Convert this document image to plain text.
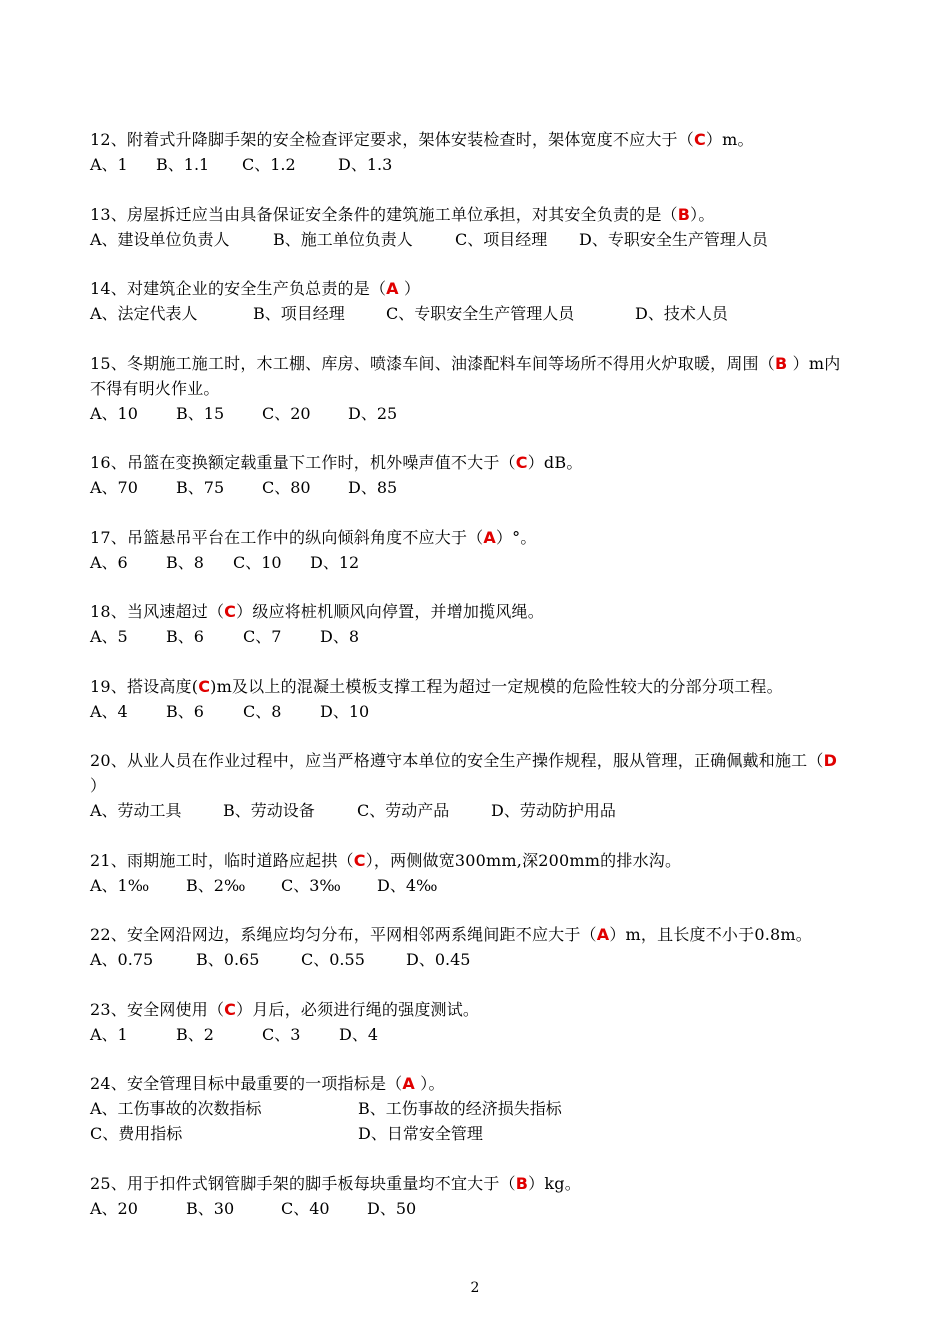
12、附着式升降脚手架的安全检查评定要求，架体安装检查时，架体宽度不应大于（C）m。
A、1 B、1.1 C、1.2	D、1.3
13、房屋拆迁应当由具备保证安全条件的建筑施工单位承担，对其安全负责的是（B）。
A、建设单位负责人	B、施工单位负责人	C、项目经理 D、专职安全生产管理人员
14、对建筑企业的安全生产负总责的是（A ）
A、法定代表人	B、项目经理	C、专职安全生产管理人员	D、技术人员
15、冬期施工施工时，木工棚、库房、喷漆车间、油漆配料车间等场所不得用火炉取暖，周围（B ）m内不得有明火作业。
A、10 B、15 C、20 D、25
16、吊篮在变换额定载重量下工作时，机外噪声值不大于（C）dB。
A、70 B、75 C、80 D、85
17、吊篮悬吊平台在工作中的纵向倾斜角度不应大于（A）°。
A、6 B、8 C、10 D、12
18、当风速超过（C）级应将桩机顺风向停置，并增加揽风绳。
A、5 B、6 C、7 D、8
19、搭设高度(C)m及以上的混凝土模板支撑工程为超过一定规模的危险性较大的分部分项工程。
A、4 B、6 C、8 D、10
20、从业人员在作业过程中，应当严格遵守本单位的安全生产操作规程，服从管理，正确佩戴和施工（D ）
A、劳动工具	B、劳动设备	C、劳动产品	D、劳动防护用品
21、雨期施工时，临时道路应起拱（C），两侧做宽300mm,深200mm的排水沟。
A、1‰ B、2‰ C、3‰ D、4‰
22、安全网沿网边，系绳应均匀分布，平网相邻两系绳间距不应大于（A）m，且长度不小于0.8m。
A、0.75	B、0.65	C、0.55	D、0.45
23、安全网使用（C）月后，必须进行绳的强度测试。
A、1	B、2	C、3 D、4
24、安全管理目标中最重要的一项指标是（A ）。
A、工伤事故的次数指标	B、工伤事故的经济损失指标
C、费用指标	D、日常安全管理
25、用于扣件式钢管脚手架的脚手板每块重量均不宜大于（B）kg。
A、20	B、30	C、40 D、50
2
